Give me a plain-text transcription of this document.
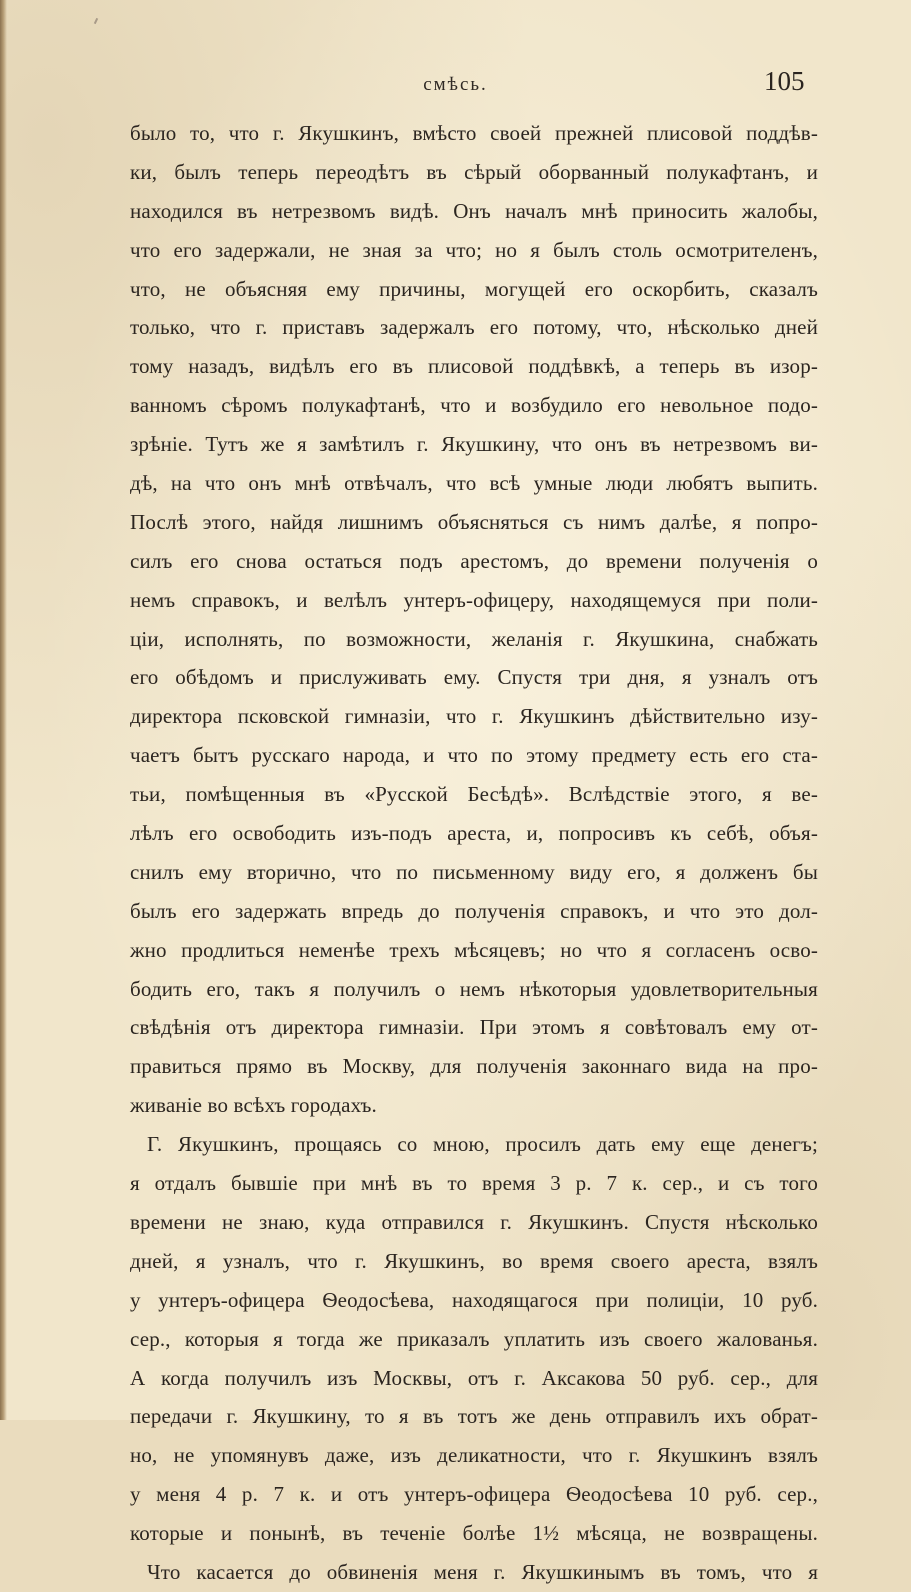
смѣсь.	105
было то, что г. Якушкинъ, вмѣсто своей прежней плисовой поддѣв-
ки, былъ теперь переодѣтъ въ сѣрый оборванный полукафтанъ, и
находился въ нетрезвомъ видѣ. Онъ началъ мнѣ приносить жалобы,
что его задержали, не зная за что; но я былъ столь осмотрителенъ,
что, не объясняя ему причины, могущей его оскорбить, сказалъ
только, что г. приставъ задержалъ его потому, что, нѣсколько дней
тому назадъ, видѣлъ его въ плисовой поддѣвкѣ, а теперь въ изор-
ванномъ сѣромъ полукафтанѣ, что и возбудило его невольное подо-
зрѣніе. Тутъ же я замѣтилъ г. Якушкину, что онъ въ нетрезвомъ ви-
дѣ, на что онъ мнѣ отвѣчалъ, что всѣ умные люди любятъ выпить.
Послѣ этого, найдя лишнимъ объясняться съ нимъ далѣе, я попро-
силъ его снова остаться подъ арестомъ, до времени полученія о
немъ справокъ, и велѣлъ унтеръ-офицеру, находящемуся при поли-
ціи, исполнять, по возможности, желанія г. Якушкина, снабжать
его обѣдомъ и прислуживать ему. Спустя три дня, я узналъ отъ
директора псковской гимназіи, что г. Якушкинъ дѣйствительно изу-
чаетъ бытъ русскаго народа, и что по этому предмету есть его ста-
тьи, помѣщенныя въ «Русской Бесѣдѣ». Вслѣдствіе этого, я ве-
лѣлъ его освободить изъ-подъ ареста, и, попросивъ къ себѣ, объя-
снилъ ему вторично, что по письменному виду его, я долженъ бы
былъ его задержать впредь до полученія справокъ, и что это дол-
жно продлиться неменѣе трехъ мѣсяцевъ; но что я согласенъ осво-
бодить его, такъ я получилъ о немъ нѣкоторыя удовлетворительныя
свѣдѣнія отъ директора гимназіи. При этомъ я совѣтовалъ ему от-
правиться прямо въ Москву, для полученія законнаго вида на про-
живаніе во всѣхъ городахъ.
Г. Якушкинъ, прощаясь со мною, просилъ дать ему еще денегъ;
я отдалъ бывшіе при мнѣ въ то время 3 р. 7 к. сер., и съ того
времени не знаю, куда отправился г. Якушкинъ. Спустя нѣсколько
дней, я узналъ, что г. Якушкинъ, во время своего ареста, взялъ
у унтеръ-офицера Ѳеодосѣева, находящагося при полиціи, 10 руб.
сер., которыя я тогда же приказалъ уплатить изъ своего жалованья.
А когда получилъ изъ Москвы, отъ г. Аксакова 50 руб. сер., для
передачи г. Якушкину, то я въ тотъ же день отправилъ ихъ обрат-
но, не упомянувъ даже, изъ деликатности, что г. Якушкинъ взялъ
у меня 4 р. 7 к. и отъ унтеръ-офицера Ѳеодосѣева 10 руб. сер.,
которые и понынѣ, въ теченіе болѣе 1½ мѣсяца, не возвращены.
Что касается до обвиненія меня г. Якушкинымъ въ томъ, что я
